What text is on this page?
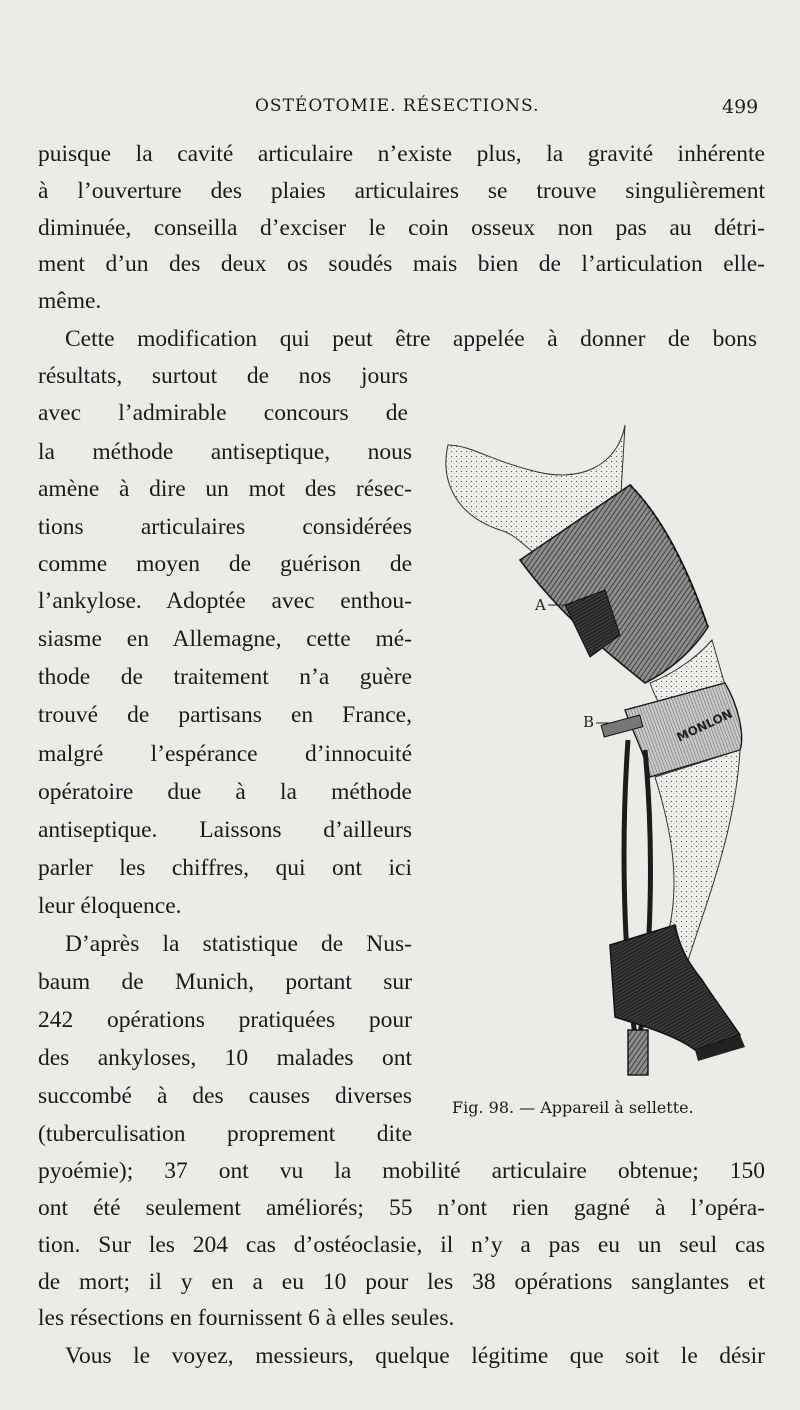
OSTÉOTOMIE. RÉSECTIONS.	499
puisque la cavité articulaire n’existe plus, la gravité inhérente
à l’ouverture des plaies articulaires se trouve singulièrement
diminuée, conseilla d’exciser le coin osseux non pas au détri-
ment d’un des deux os soudés mais bien de l’articulation elle-
même.
Cette modification qui peut être appelée à donner de bons
résultats, surtout de nos jours
avec l’admirable concours de
la méthode antiseptique, nous
amène à dire un mot des résec-
tions articulaires considérées
comme moyen de guérison de
l’ankylose. Adoptée avec enthou-
siasme en Allemagne, cette mé-
thode de traitement n’a guère
trouvé de partisans en France,
malgré l’espérance d’innocuité
opératoire due à la méthode
antiseptique. Laissons d’ailleurs
parler les chiffres, qui ont ici
leur éloquence.
D’après la statistique de Nus-
baum de Munich, portant sur
242 opérations pratiquées pour
des ankyloses, 10 malades ont
succombé à des causes diverses
(tuberculisation proprement dite
pyoémie); 37 ont vu la mobilité articulaire obtenue; 150
ont été seulement améliorés; 55 n’ont rien gagné à l’opéra-
tion. Sur les 204 cas d’ostéoclasie, il n’y a pas eu un seul cas
de mort; il y en a eu 10 pour les 38 opérations sanglantes et
les résections en fournissent 6 à elles seules.
Vous le voyez, messieurs, quelque légitime que soit le désir
MONLON
A
B
Fig. 98. — Appareil à sellette.
